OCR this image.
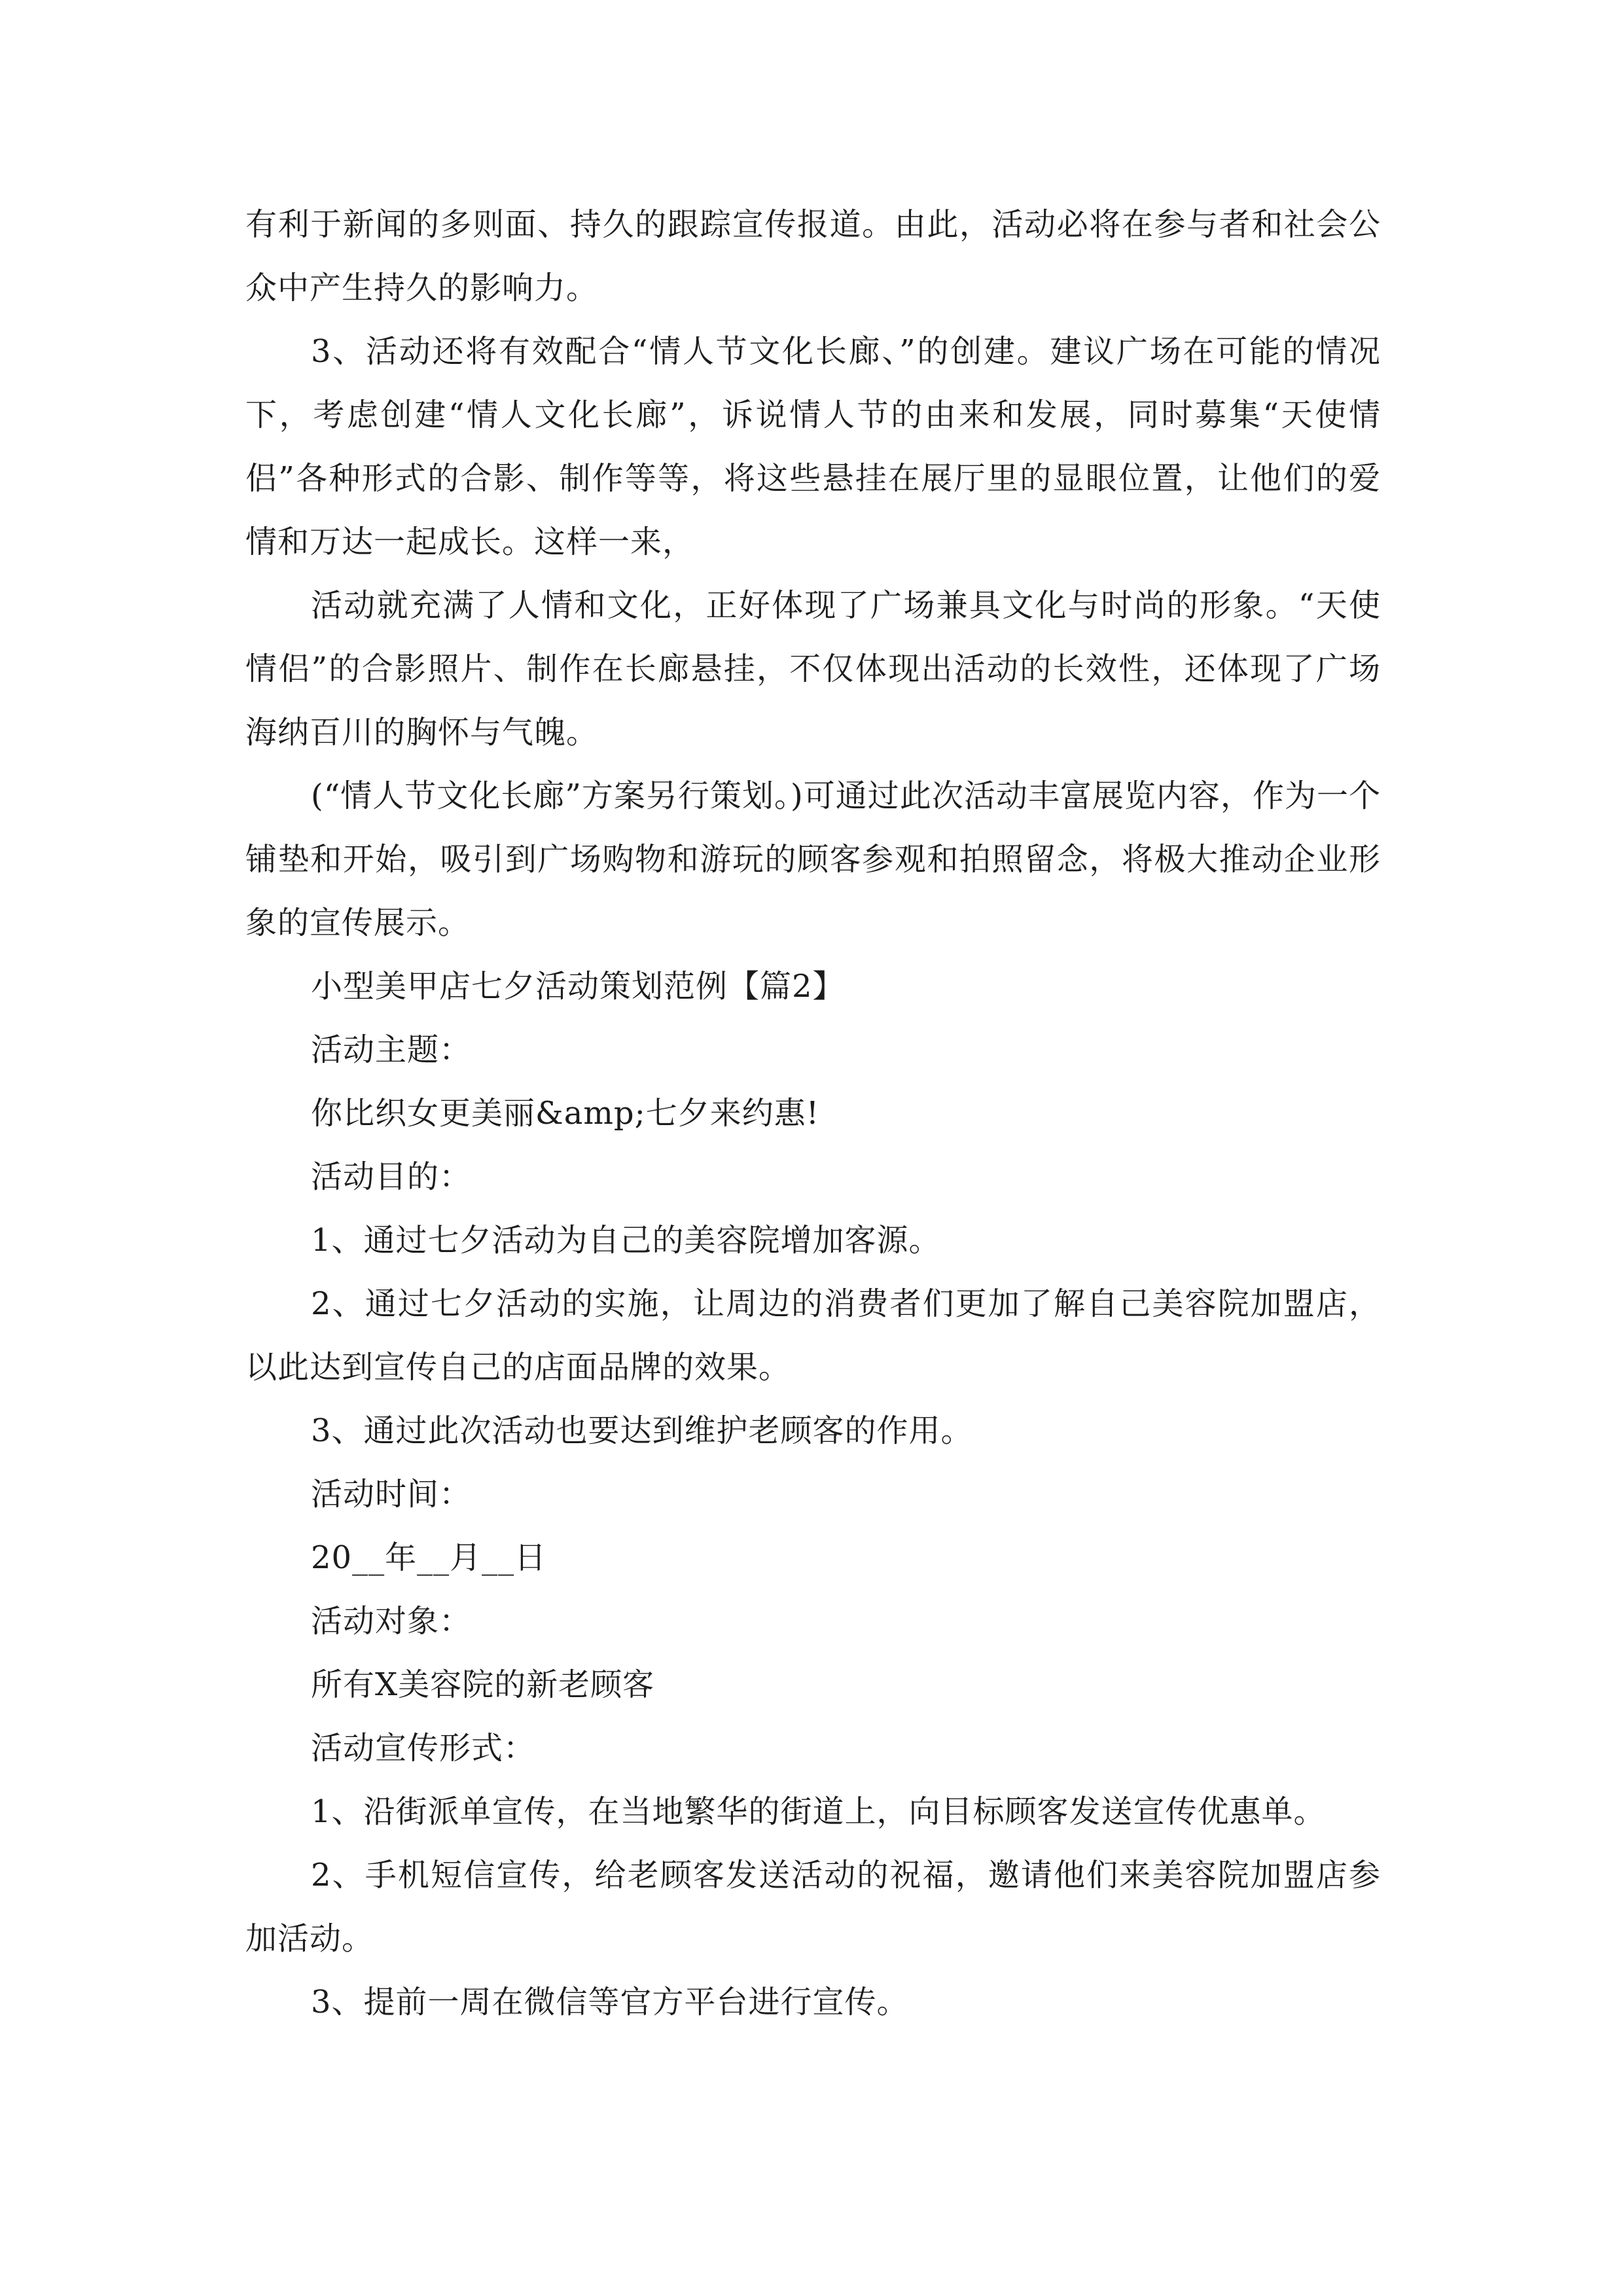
有利于新闻的多则面、持久的跟踪宣传报道。由此，活动必将在参与者和社会公众中产生持久的影响力。

3、活动还将有效配合“情人节文化长廊、”的创建。建议广场在可能的情况下，考虑创建“情人文化长廊”，诉说情人节的由来和发展，同时募集“天使情侣”各种形式的合影、制作等等，将这些悬挂在展厅里的显眼位置，让他们的爱情和万达一起成长。这样一来，

活动就充满了人情和文化，正好体现了广场兼具文化与时尚的形象。“天使情侣”的合影照片、制作在长廊悬挂，不仅体现出活动的长效性，还体现了广场海纳百川的胸怀与气魄。

(“情人节文化长廊”方案另行策划。)可通过此次活动丰富展览内容，作为一个铺垫和开始，吸引到广场购物和游玩的顾客参观和拍照留念，将极大推动企业形象的宣传展示。

小型美甲店七夕活动策划范例【篇2】

活动主题：

你比织女更美丽&amp;七夕来约惠!

活动目的：

1、通过七夕活动为自己的美容院增加客源。

2、通过七夕活动的实施，让周边的消费者们更加了解自己美容院加盟店，以此达到宣传自己的店面品牌的效果。

3、通过此次活动也要达到维护老顾客的作用。

活动时间：

20__年__月__日

活动对象：

所有X美容院的新老顾客

活动宣传形式：

1、沿街派单宣传，在当地繁华的街道上，向目标顾客发送宣传优惠单。

2、手机短信宣传，给老顾客发送活动的祝福，邀请他们来美容院加盟店参加活动。

3、提前一周在微信等官方平台进行宣传。
